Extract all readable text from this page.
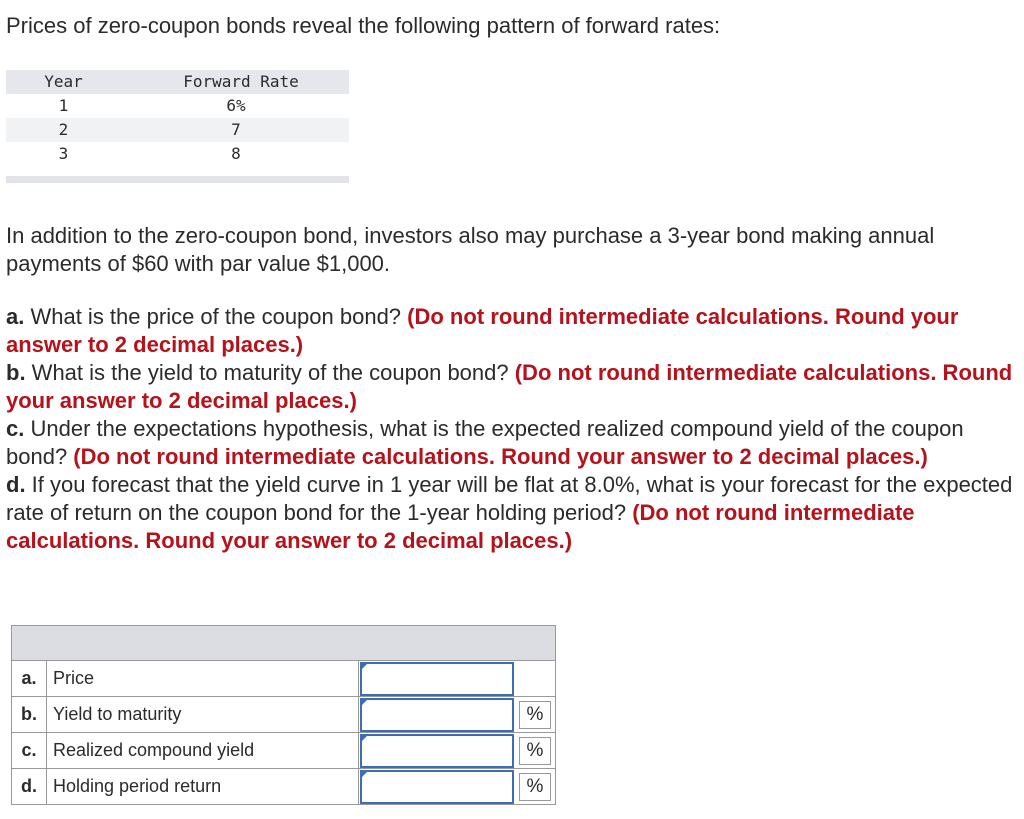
Prices of zero-coupon bonds reveal the following pattern of forward rates:
Year	Forward Rate
1	6%
2	7
3	8
In addition to the zero-coupon bond, investors also may purchase a 3-year bond making annual payments of $60 with par value $1,000.
a. What is the price of the coupon bond? (Do not round intermediate calculations. Round your answer to 2 decimal places.)
b. What is the yield to maturity of the coupon bond? (Do not round intermediate calculations. Round your answer to 2 decimal places.)
c. Under the expectations hypothesis, what is the expected realized compound yield of the coupon bond? (Do not round intermediate calculations. Round your answer to 2 decimal places.)
d. If you forecast that the yield curve in 1 year will be flat at 8.0%, what is your forecast for the expected rate of return on the coupon bond for the 1-year holding period? (Do not round intermediate calculations. Round your answer to 2 decimal places.)

a.	Price	

b.	Yield to maturity		%
c.	Realized compound yield		%
d.	Holding period return		%
